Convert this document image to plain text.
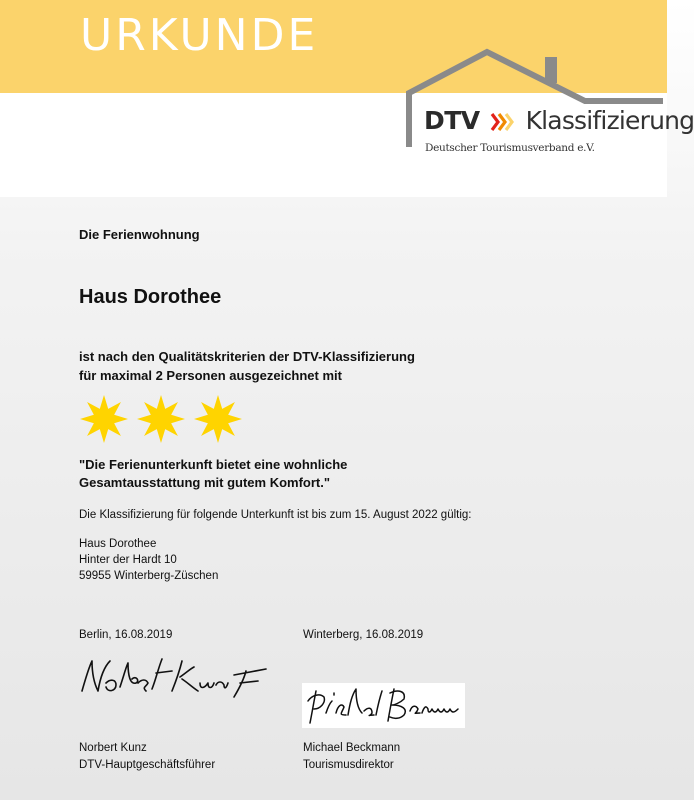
URKUNDE
DTV Klassifizierung
Deutscher Tourismusverband e.V.
Die Ferienwohnung
Haus Dorothee
ist nach den Qualitätskriterien der DTV-Klassifizierung
für maximal 2 Personen ausgezeichnet mit
"Die Ferienunterkunft bietet eine wohnliche
Gesamtausstattung mit gutem Komfort."
Die Klassifizierung für folgende Unterkunft ist bis zum 15. August 2022 gültig:
Haus Dorothee
Hinter der Hardt 10
59955 Winterberg-Züschen
Berlin, 16.08.2019	Winterberg, 16.08.2019
Norbert Kunz
DTV-Hauptgeschäftsführer
Michael Beckmann
Tourismusdirektor
